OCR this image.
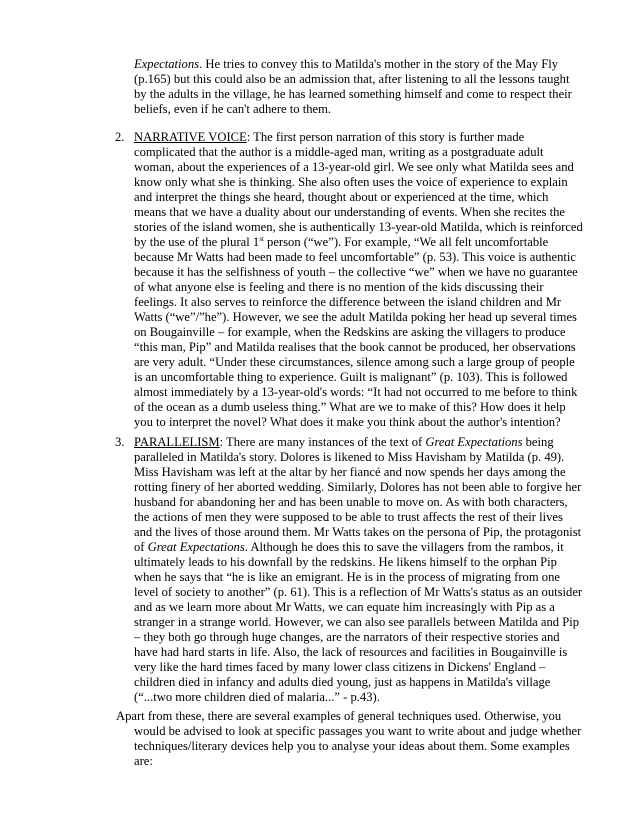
Expectations. He tries to convey this to Matilda's mother in the story of the May Fly
(p.165) but this could also be an admission that, after listening to all the lessons taught
by the adults in the village, he has learned something himself and come to respect their
beliefs, even if he can't adhere to them.
2. NARRATIVE VOICE: The first person narration of this story is further made
complicated that the author is a middle-aged man, writing as a postgraduate adult
woman, about the experiences of a 13-year-old girl. We see only what Matilda sees and
know only what she is thinking. She also often uses the voice of experience to explain
and interpret the things she heard, thought about or experienced at the time, which
means that we have a duality about our understanding of events. When she recites the
stories of the island women, she is authentically 13-year-old Matilda, which is reinforced
by the use of the plural 1st person (“we”). For example, “We all felt uncomfortable
because Mr Watts had been made to feel uncomfortable” (p. 53). This voice is authentic
because it has the selfishness of youth – the collective “we” when we have no guarantee
of what anyone else is feeling and there is no mention of the kids discussing their
feelings. It also serves to reinforce the difference between the island children and Mr
Watts (“we”/”he”). However, we see the adult Matilda poking her head up several times
on Bougainville – for example, when the Redskins are asking the villagers to produce
“this man, Pip” and Matilda realises that the book cannot be produced, her observations
are very adult. “Under these circumstances, silence among such a large group of people
is an uncomfortable thing to experience. Guilt is malignant” (p. 103). This is followed
almost immediately by a 13-year-old's words: “It had not occurred to me before to think
of the ocean as a dumb useless thing.” What are we to make of this? How does it help
you to interpret the novel? What does it make you think about the author's intention?
3. PARALLELISM: There are many instances of the text of Great Expectations being
paralleled in Matilda's story. Dolores is likened to Miss Havisham by Matilda (p. 49).
Miss Havisham was left at the altar by her fiancé and now spends her days among the
rotting finery of her aborted wedding. Similarly, Dolores has not been able to forgive her
husband for abandoning her and has been unable to move on. As with both characters,
the actions of men they were supposed to be able to trust affects the rest of their lives
and the lives of those around them. Mr Watts takes on the persona of Pip, the protagonist
of Great Expectations. Although he does this to save the villagers from the rambos, it
ultimately leads to his downfall by the redskins. He likens himself to the orphan Pip
when he says that “he is like an emigrant. He is in the process of migrating from one
level of society to another” (p. 61). This is a reflection of Mr Watts's status as an outsider
and as we learn more about Mr Watts, we can equate him increasingly with Pip as a
stranger in a strange world. However, we can also see parallels between Matilda and Pip
– they both go through huge changes, are the narrators of their respective stories and
have had hard starts in life. Also, the lack of resources and facilities in Bougainville is
very like the hard times faced by many lower class citizens in Dickens' England –
children died in infancy and adults died young, just as happens in Matilda's village
(“...two more children died of malaria...” - p.43).
Apart from these, there are several examples of general techniques used. Otherwise, you
would be advised to look at specific passages you want to write about and judge whether
techniques/literary devices help you to analyse your ideas about them. Some examples
are:
